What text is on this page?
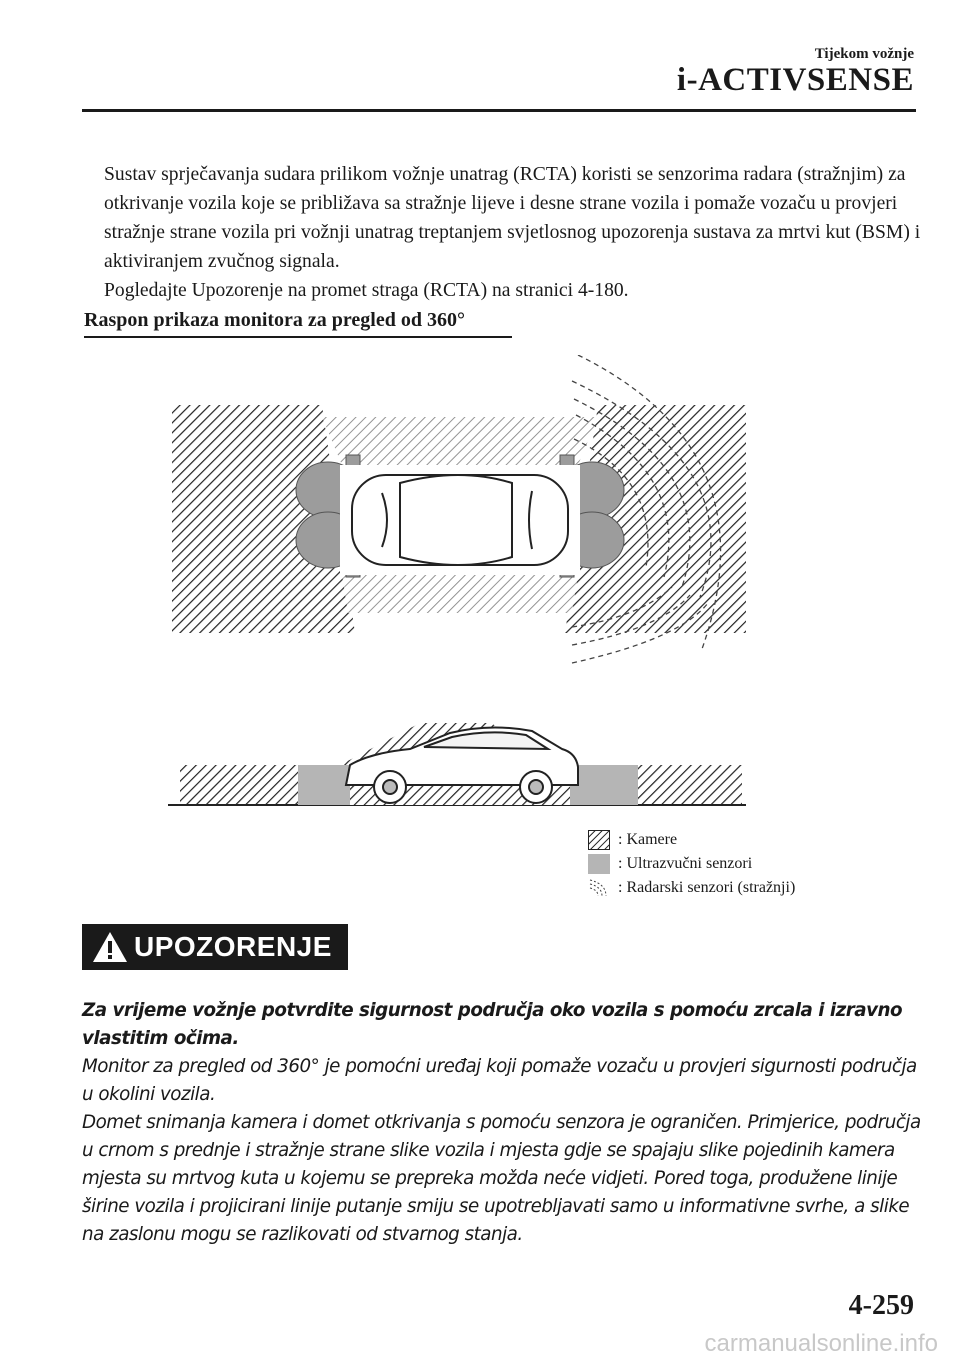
Tijekom vožnje
i-ACTIVSENSE

Sustav sprječavanja sudara prilikom vožnje unatrag (RCTA) koristi se senzorima radara (stražnjim) za otkrivanje vozila koje se približava sa stražnje lijeve i desne strane vozila i pomaže vozaču u provjeri stražnje strane vozila pri vožnji unatrag treptanjem svjetlosnog upozorenja sustava za mrtvi kut (BSM) i aktiviranjem zvučnog signala.

Pogledajte Upozorenje na promet straga (RCTA) na stranici 4-180.

Raspon prikaza monitora za pregled od 360°
: Kamere
: Ultrazvučni senzori
: Radarski senzori (stražnji)
UPOZORENJE

Za vrijeme vožnje potvrdite sigurnost područja oko vozila s pomoću zrcala i izravno vlastitim očima.

Monitor za pregled od 360° je pomoćni uređaj koji pomaže vozaču u provjeri sigurnosti područja u okolini vozila.

Domet snimanja kamera i domet otkrivanja s pomoću senzora je ograničen. Primjerice, područja u crnom s prednje i stražnje strane slike vozila i mjesta gdje se spajaju slike pojedinih kamera mjesta su mrtvog kuta u kojemu se prepreka možda neće vidjeti. Pored toga, produžene linije širine vozila i projicirani linije putanje smiju se upotrebljavati samo u informativne svrhe, a slike na zaslonu mogu se razlikovati od stvarnog stanja.

4-259
carmanualsonline.info
